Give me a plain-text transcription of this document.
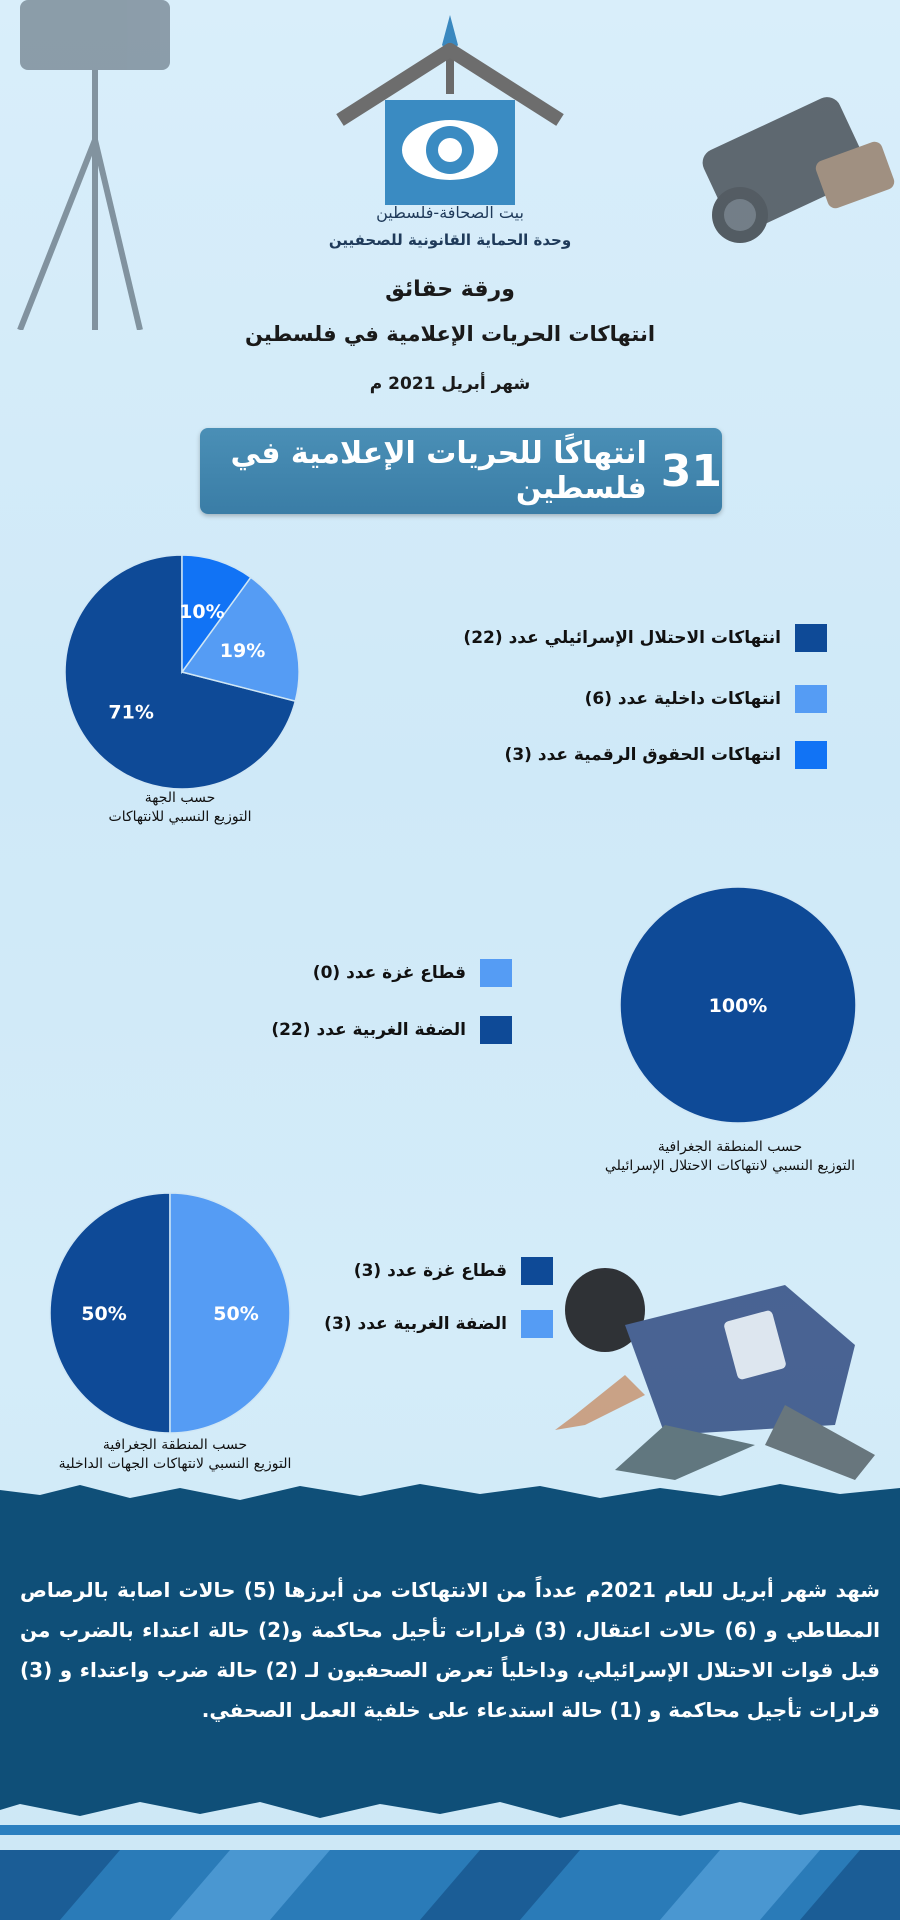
بيت الصحافة-فلسطين
وحدة الحماية القانونية للصحفيين
ورقة حقائق
انتهاكات الحريات الإعلامية في فلسطين
شهر أبريل 2021 م
31
انتهاكًا للحريات الإعلامية في فلسطين
71%
19%
10%
حسب الجهة
التوزيع النسبي للانتهاكات
انتهاكات الاحتلال الإسرائيلي عدد (22)
انتهاكات داخلية عدد (6)
انتهاكات الحقوق الرقمية عدد (3)
100%
حسب المنطقة الجغرافية
التوزيع النسبي لانتهاكات الاحتلال الإسرائيلي
قطاع غزة عدد (0)
الضفة الغربية عدد (22)
50%	50%
حسب المنطقة الجغرافية
التوزيع النسبي لانتهاكات الجهات الداخلية
قطاع غزة عدد (3)
الضفة الغربية عدد (3)
شهد شهر أبريل للعام 2021م عدداً من الانتهاكات من أبرزها (5) حالات اصابة بالرصاص المطاطي و (6) حالات اعتقال، (3) قرارات تأجيل محاكمة و(2) حالة اعتداء بالضرب من قبل قوات الاحتلال الإسرائيلي، وداخلياً تعرض الصحفيون لـ (2) حالة ضرب واعتداء و (3) قرارات تأجيل محاكمة و (1) حالة استدعاء على خلفية العمل الصحفي.
